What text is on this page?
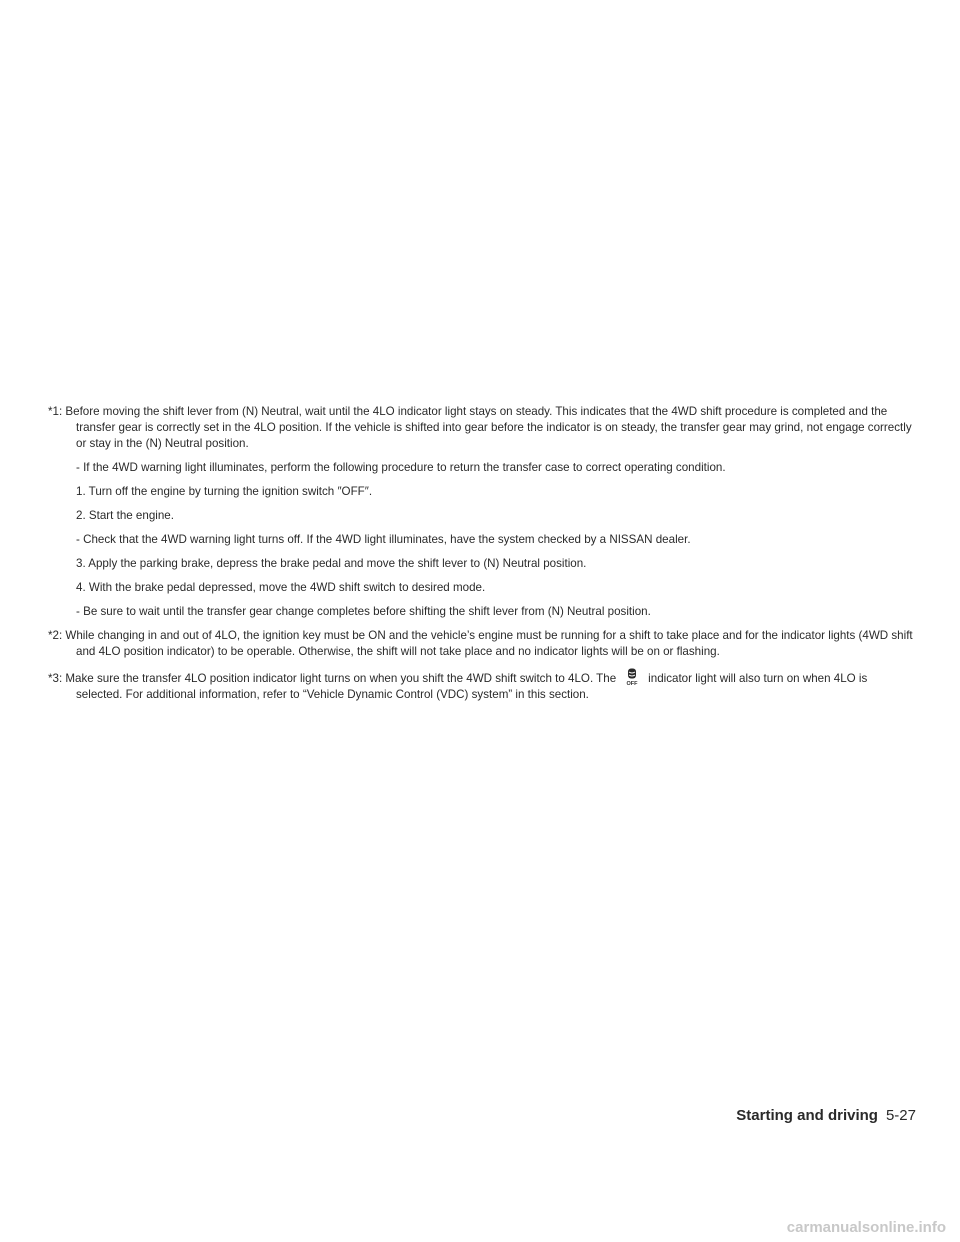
*1: Before moving the shift lever from (N) Neutral, wait until the 4LO indicator light stays on steady. This indicates that the 4WD shift procedure is completed and the transfer gear is correctly set in the 4LO position. If the vehicle is shifted into gear before the indicator is on steady, the transfer gear may grind, not engage correctly or stay in the (N) Neutral position.

- If the 4WD warning light illuminates, perform the following procedure to return the transfer case to correct operating condition.

1. Turn off the engine by turning the ignition switch ″OFF″.

2. Start the engine.

- Check that the 4WD warning light turns off. If the 4WD light illuminates, have the system checked by a NISSAN dealer.

3. Apply the parking brake, depress the brake pedal and move the shift lever to (N) Neutral position.

4. With the brake pedal depressed, move the 4WD shift switch to desired mode.

- Be sure to wait until the transfer gear change completes before shifting the shift lever from (N) Neutral position.

*2: While changing in and out of 4LO, the ignition key must be ON and the vehicle’s engine must be running for a shift to take place and for the indicator lights (4WD shift and 4LO position indicator) to be operable. Otherwise, the shift will not take place and no indicator lights will be on or flashing.

*3: Make sure the transfer 4LO position indicator light turns on when you shift the 4WD shift switch to 4LO. The OFF indicator light will also turn on when 4LO is selected. For additional information, refer to “Vehicle Dynamic Control (VDC) system” in this section.

Starting and driving 5-27
carmanualsonline.info
